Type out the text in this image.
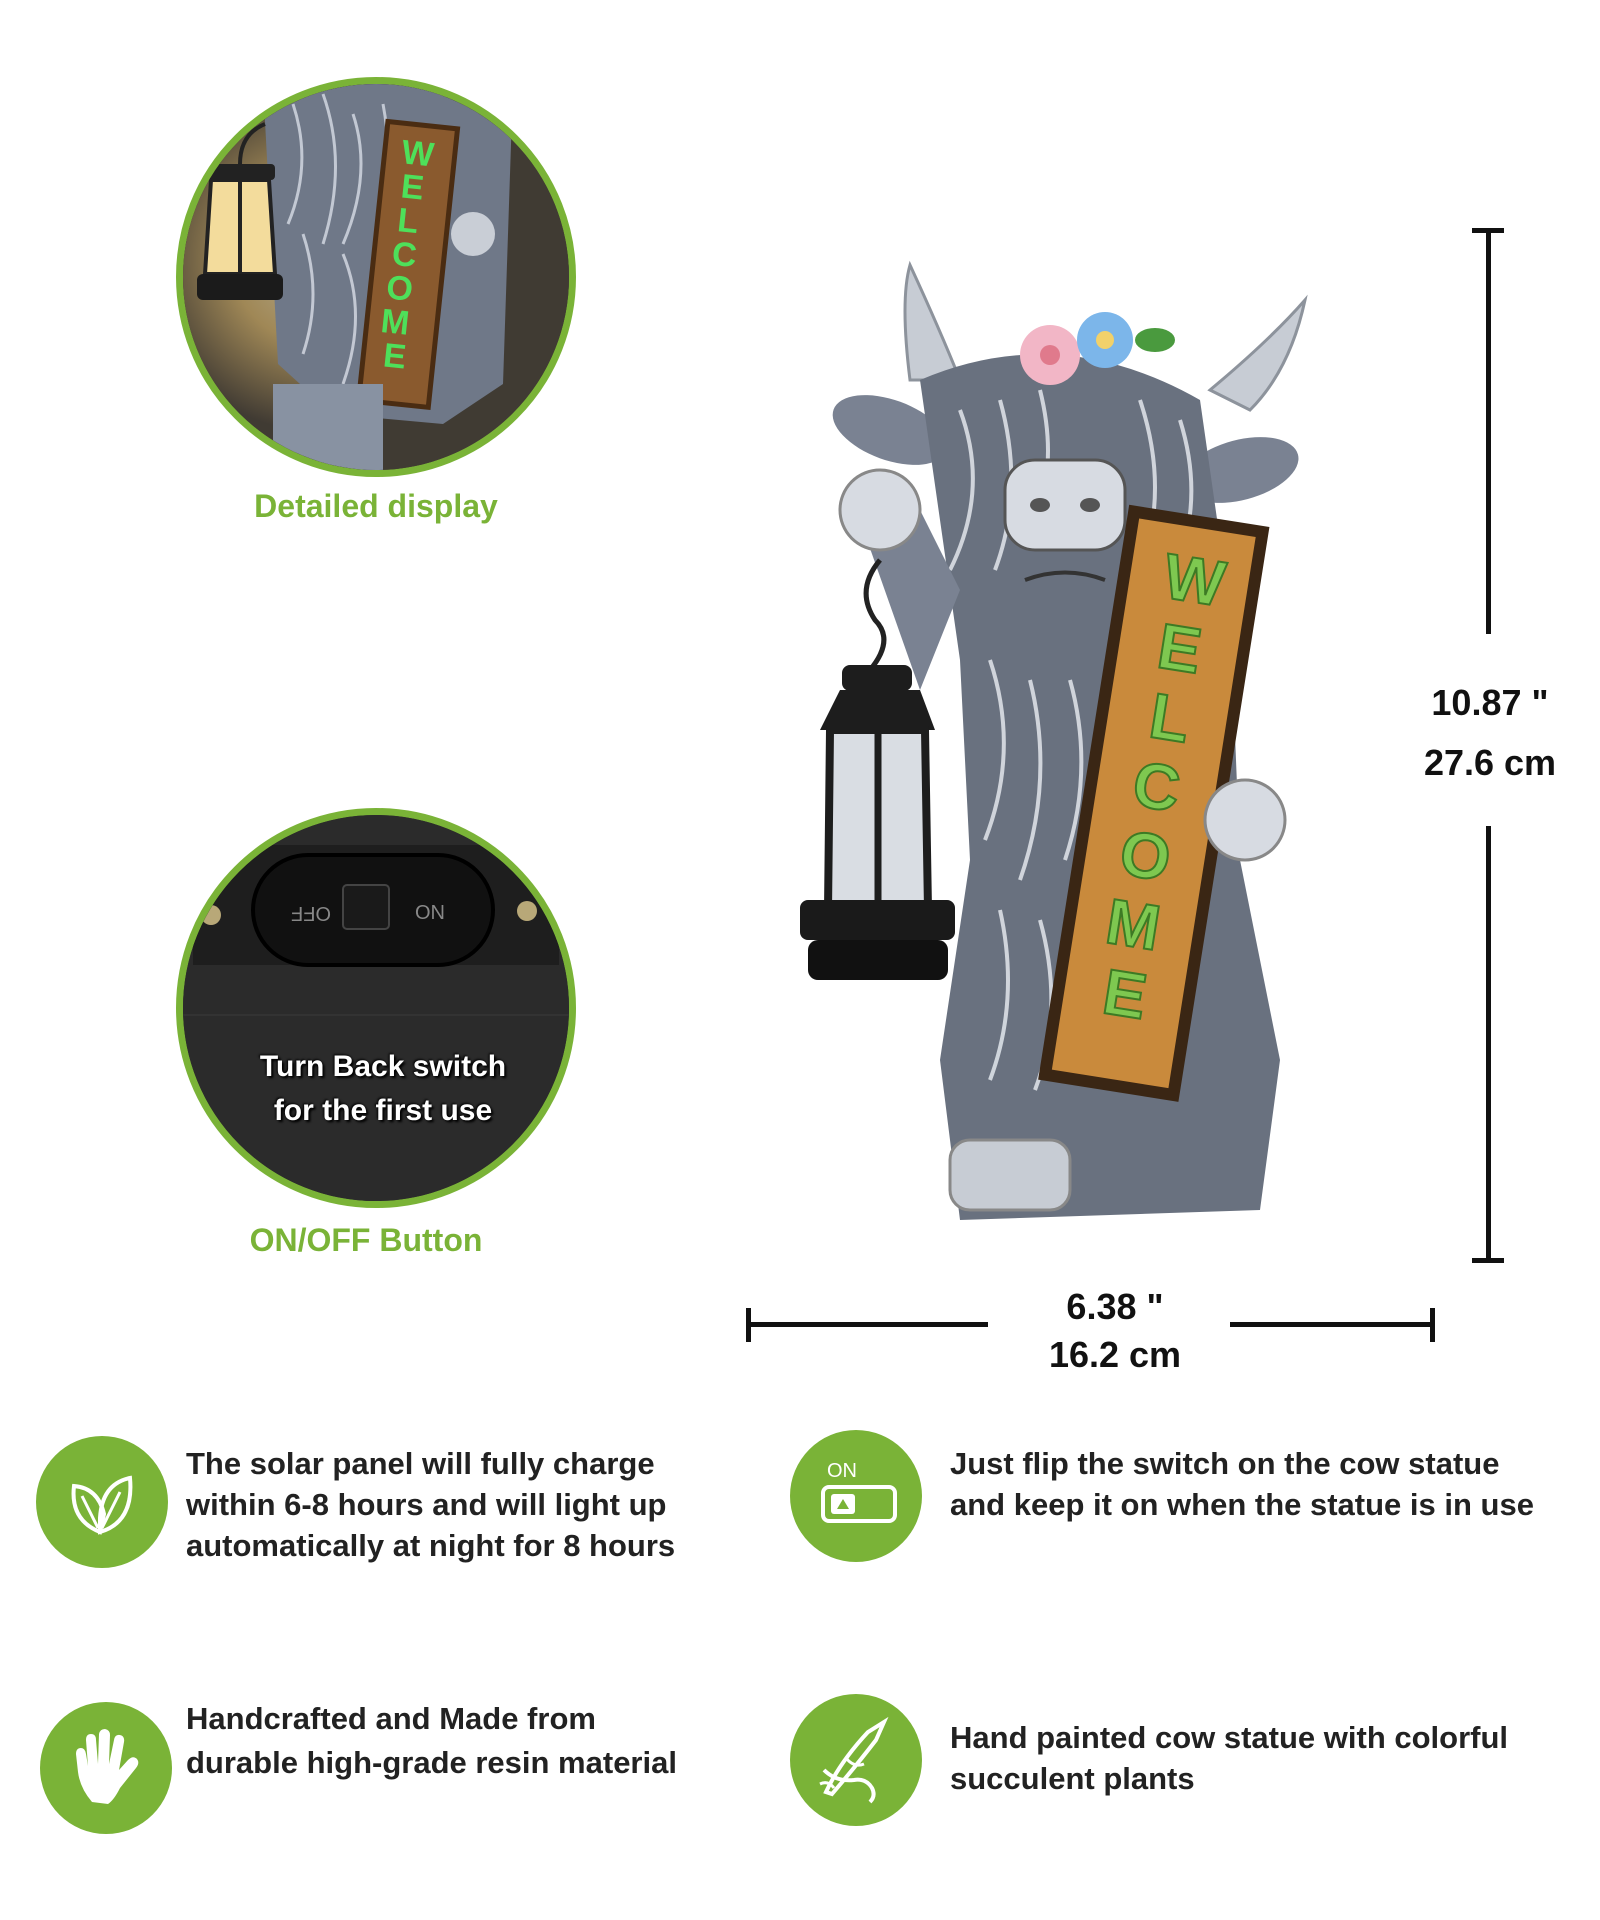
WEL COME
Detailed display
OFF	ON
Turn Back switch
for the first use
ON/OFF Button
WEL COME
10.87 "
27.6 cm
6.38 "
16.2 cm
The solar panel will fully charge within 6-8 hours and will light up automatically at night for 8 hours
ON	Just flip the switch on the cow statue and keep it on when the statue is in use
Handcrafted and Made from durable high-grade resin material
Hand painted cow statue with colorful succulent plants
